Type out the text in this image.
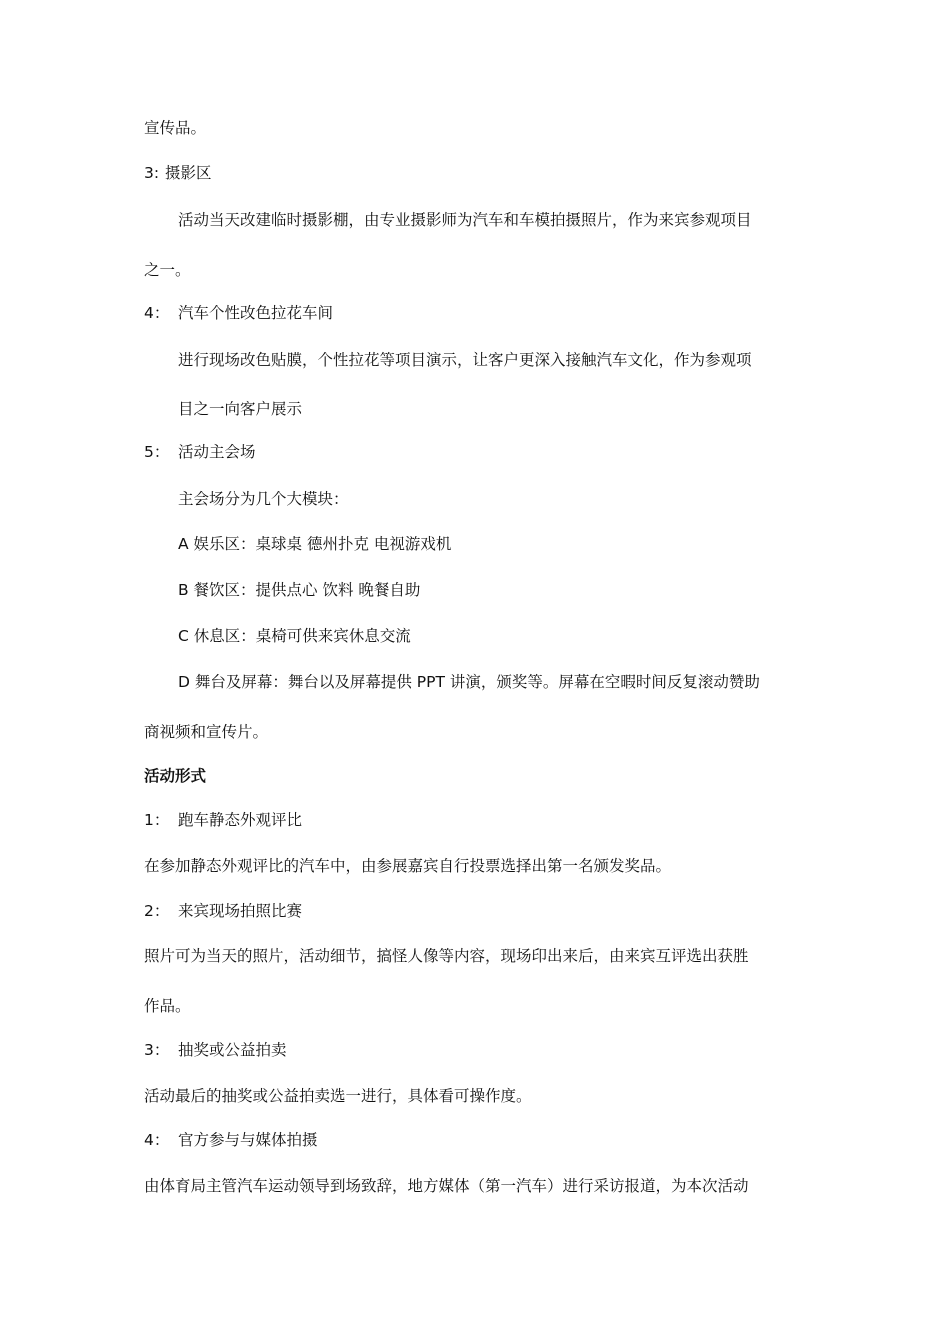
宣传品。
3: 摄影区
活动当天改建临时摄影棚，由专业摄影师为汽车和车模拍摄照片，作为来宾参观项目
之一。
4： 汽车个性改色拉花车间
进行现场改色贴膜，个性拉花等项目演示，让客户更深入接触汽车文化，作为参观项
目之一向客户展示
5： 活动主会场
主会场分为几个大模块：
A 娱乐区：桌球桌 德州扑克 电视游戏机
B 餐饮区：提供点心 饮料 晚餐自助
C 休息区：桌椅可供来宾休息交流
D 舞台及屏幕：舞台以及屏幕提供 PPT 讲演，颁奖等。屏幕在空暇时间反复滚动赞助
商视频和宣传片。
活动形式
1： 跑车静态外观评比
在参加静态外观评比的汽车中，由参展嘉宾自行投票选择出第一名颁发奖品。
2： 来宾现场拍照比赛
照片可为当天的照片，活动细节，搞怪人像等内容，现场印出来后，由来宾互评选出获胜
作品。
3： 抽奖或公益拍卖
活动最后的抽奖或公益拍卖选一进行，具体看可操作度。
4： 官方参与与媒体拍摄
由体育局主管汽车运动领导到场致辞，地方媒体（第一汽车）进行采访报道，为本次活动
